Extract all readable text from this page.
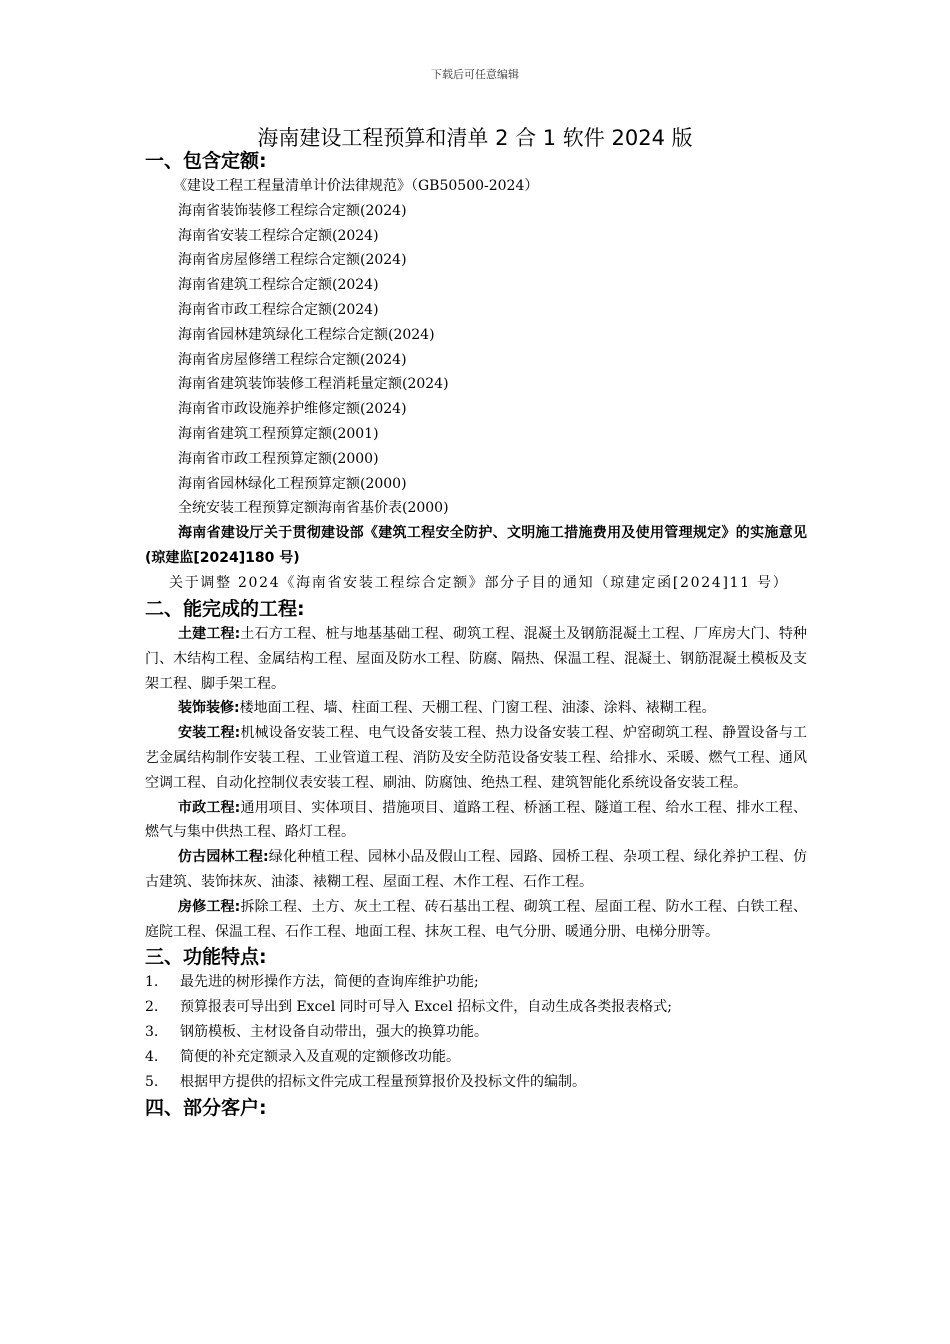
下载后可任意编辑
海南建设工程预算和清单 2 合 1 软件 2024 版
一、包含定额:
《建设工程工程量清单计价法律规范》（GB50500-2024）
海南省装饰装修工程综合定额(2024)
海南省安装工程综合定额(2024)
海南省房屋修缮工程综合定额(2024)
海南省建筑工程综合定额(2024)
海南省市政工程综合定额(2024)
海南省园林建筑绿化工程综合定额(2024)
海南省房屋修缮工程综合定额(2024)
海南省建筑装饰装修工程消耗量定额(2024)
海南省市政设施养护维修定额(2024)
海南省建筑工程预算定额(2001)
海南省市政工程预算定额(2000)
海南省园林绿化工程预算定额(2000)
全统安装工程预算定额海南省基价表(2000)
海南省建设厅关于贯彻建设部《建筑工程安全防护、文明施工措施费用及使用管理规定》的实施意见(琼建监[2024]180 号)
关于调整 2024《海南省安装工程综合定额》部分子目的通知（琼建定函[2024]11 号）
二、能完成的工程:
土建工程:土石方工程、桩与地基基础工程、砌筑工程、混凝土及钢筋混凝土工程、厂库房大门、特种门、木结构工程、金属结构工程、屋面及防水工程、防腐、隔热、保温工程、混凝土、钢筋混凝土模板及支架工程、脚手架工程。
装饰装修:楼地面工程、墙、柱面工程、天棚工程、门窗工程、油漆、涂料、裱糊工程。
安装工程:机械设备安装工程、电气设备安装工程、热力设备安装工程、炉窑砌筑工程、静置设备与工艺金属结构制作安装工程、工业管道工程、消防及安全防范设备安装工程、给排水、采暖、燃气工程、通风空调工程、自动化控制仪表安装工程、刷油、防腐蚀、绝热工程、建筑智能化系统设备安装工程。
市政工程:通用项目、实体项目、措施项目、道路工程、桥涵工程、隧道工程、给水工程、排水工程、燃气与集中供热工程、路灯工程。
仿古园林工程:绿化种植工程、园林小品及假山工程、园路、园桥工程、杂项工程、绿化养护工程、仿古建筑、装饰抹灰、油漆、裱糊工程、屋面工程、木作工程、石作工程。
房修工程:拆除工程、土方、灰土工程、砖石基出工程、砌筑工程、屋面工程、防水工程、白铁工程、庭院工程、保温工程、石作工程、地面工程、抹灰工程、电气分册、暖通分册、电梯分册等。
三、功能特点:
1. 最先进的树形操作方法，简便的查询库维护功能;
2. 预算报表可导出到 Excel 同时可导入 Excel 招标文件，自动生成各类报表格式;
3. 钢筋模板、主材设备自动带出，强大的换算功能。
4. 简便的补充定额录入及直观的定额修改功能。
5. 根据甲方提供的招标文件完成工程量预算报价及投标文件的编制。
四、部分客户:
